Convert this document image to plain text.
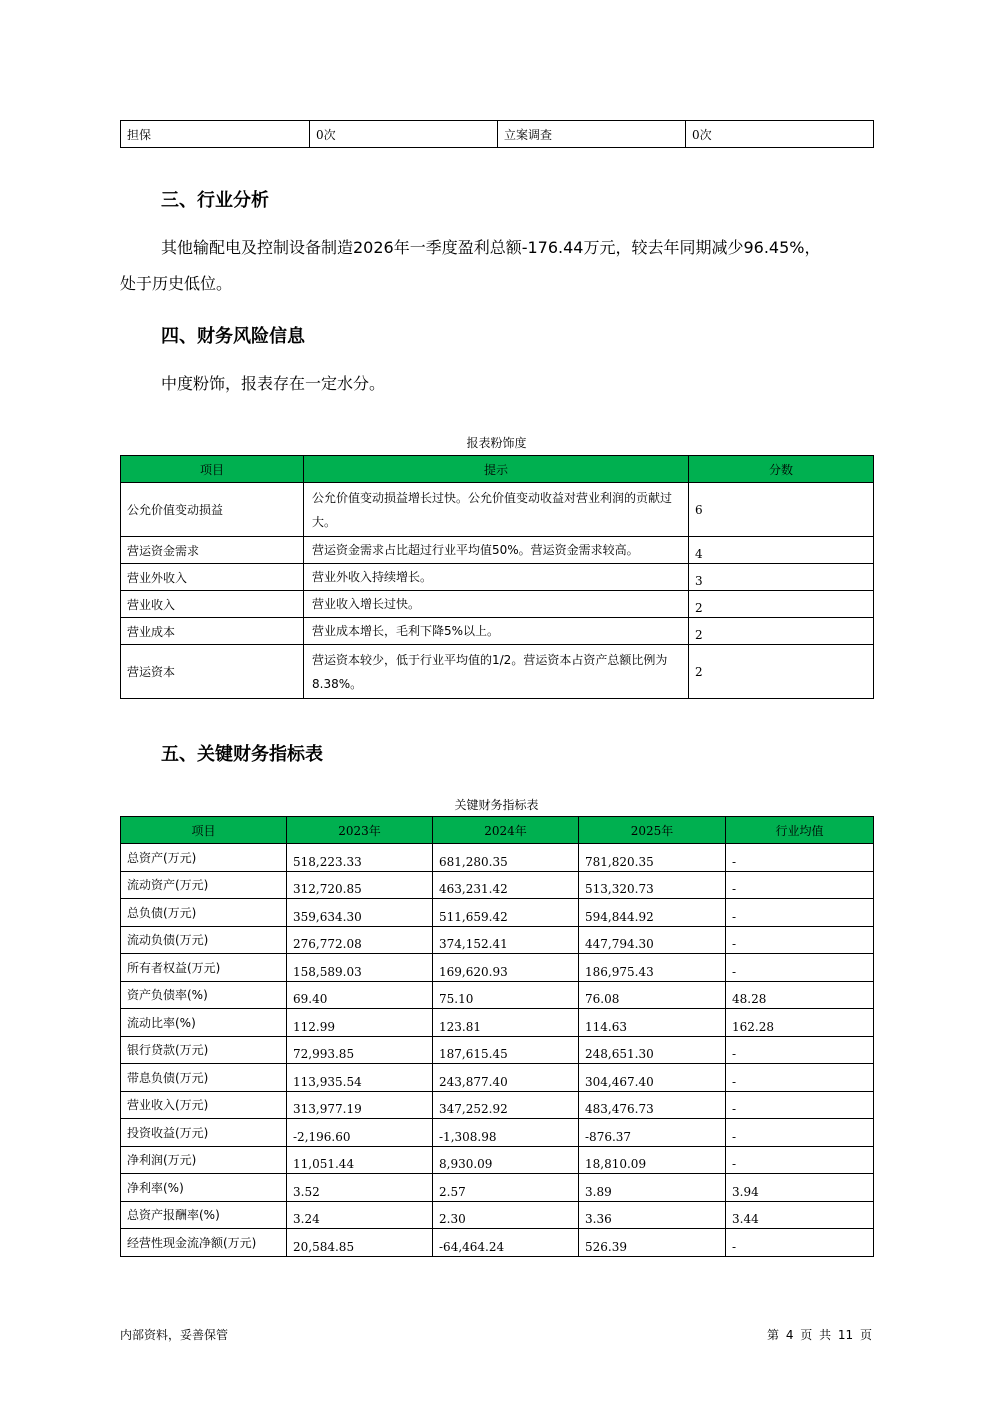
担保	0次	立案调查	0次
三、行业分析
其他输配电及控制设备制造2026年一季度盈利总额-176.44万元，较去年同期减少96.45%，
处于历史低位。
四、财务风险信息
中度粉饰，报表存在一定水分。
报表粉饰度
项目	提示	分数
公允价值变动损益	公允价值变动损益增长过快。公允价值变动收益对营业利润的贡献过大。	6
营运资金需求	营运资金需求占比超过行业平均值50%。营运资金需求较高。	4
营业外收入	营业外收入持续增长。	3
营业收入	营业收入增长过快。	2
营业成本	营业成本增长，毛利下降5%以上。	2
营运资本	营运资本较少，低于行业平均值的1/2。营运资本占资产总额比例为8.38%。	2
五、关键财务指标表
关键财务指标表
项目	2023年	2024年	2025年	行业均值
总资产(万元)	518,223.33	681,280.35	781,820.35	-
流动资产(万元)	312,720.85	463,231.42	513,320.73	-
总负债(万元)	359,634.30	511,659.42	594,844.92	-
流动负债(万元)	276,772.08	374,152.41	447,794.30	-
所有者权益(万元)	158,589.03	169,620.93	186,975.43	-
资产负债率(%)	69.40	75.10	76.08	48.28
流动比率(%)	112.99	123.81	114.63	162.28
银行贷款(万元)	72,993.85	187,615.45	248,651.30	-
带息负债(万元)	113,935.54	243,877.40	304,467.40	-
营业收入(万元)	313,977.19	347,252.92	483,476.73	-
投资收益(万元)	-2,196.60	-1,308.98	-876.37	-
净利润(万元)	11,051.44	8,930.09	18,810.09	-
净利率(%)	3.52	2.57	3.89	3.94
总资产报酬率(%)	3.24	2.30	3.36	3.44
经营性现金流净额(万元)	20,584.85	-64,464.24	526.39	-
内部资料，妥善保管	第 4 页 共 11 页
